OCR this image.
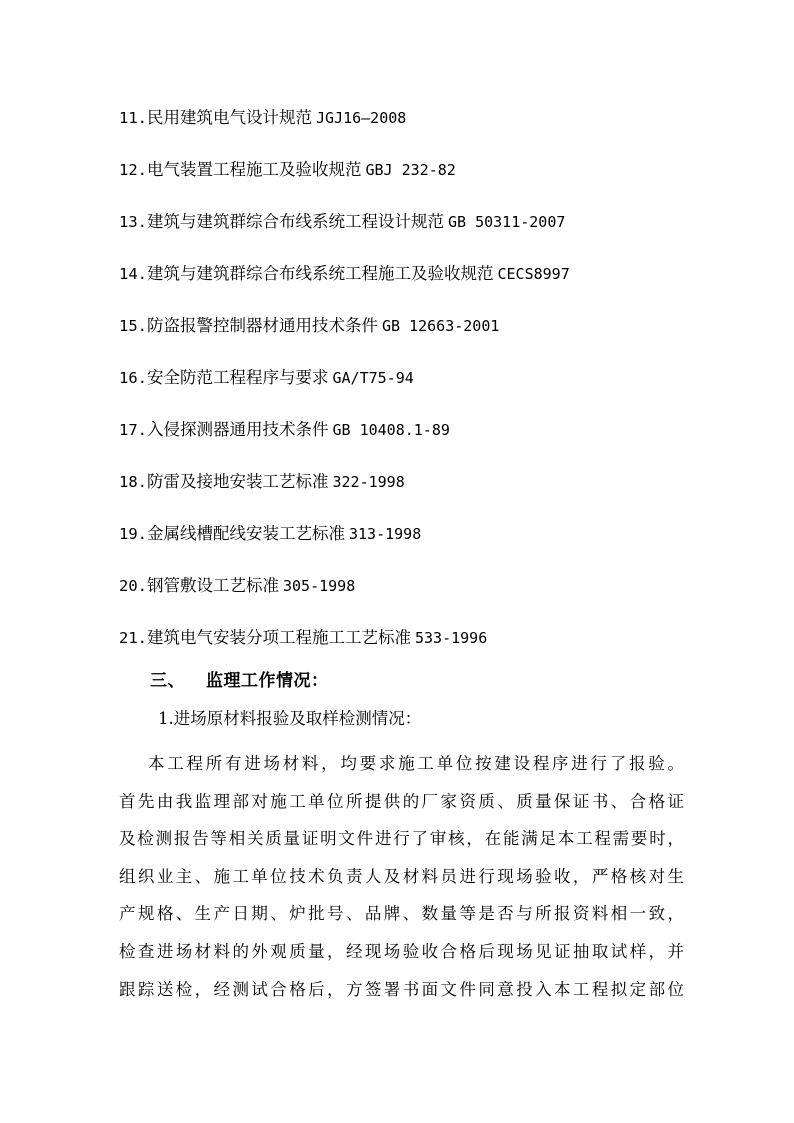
11.民用建筑电气设计规范 JGJ16—2008
12.电气装置工程施工及验收规范 GBJ 232-82
13.建筑与建筑群综合布线系统工程设计规范 GB 50311-2007
14.建筑与建筑群综合布线系统工程施工及验收规范 CECS8997
15.防盗报警控制器材通用技术条件 GB 12663-2001
16.安全防范工程程序与要求 GA/T75-94
17.入侵探测器通用技术条件 GB 10408.1-89
18.防雷及接地安装工艺标准 322-1998
19.金属线槽配线安装工艺标准 313-1998
20.钢管敷设工艺标准 305-1998
21.建筑电气安装分项工程施工工艺标准 533-1996
三、 监理工作情况：
1.进场原材料报验及取样检测情况：
本工程所有进场材料，均要求施工单位按建设程序进行了报验。
首先由我监理部对施工单位所提供的厂家资质、质量保证书、合格证
及检测报告等相关质量证明文件进行了审核，在能满足本工程需要时，
组织业主、施工单位技术负责人及材料员进行现场验收，严格核对生
产规格、生产日期、炉批号、品牌、数量等是否与所报资料相一致，
检查进场材料的外观质量，经现场验收合格后现场见证抽取试样，并
跟踪送检，经测试合格后，方签署书面文件同意投入本工程拟定部位
